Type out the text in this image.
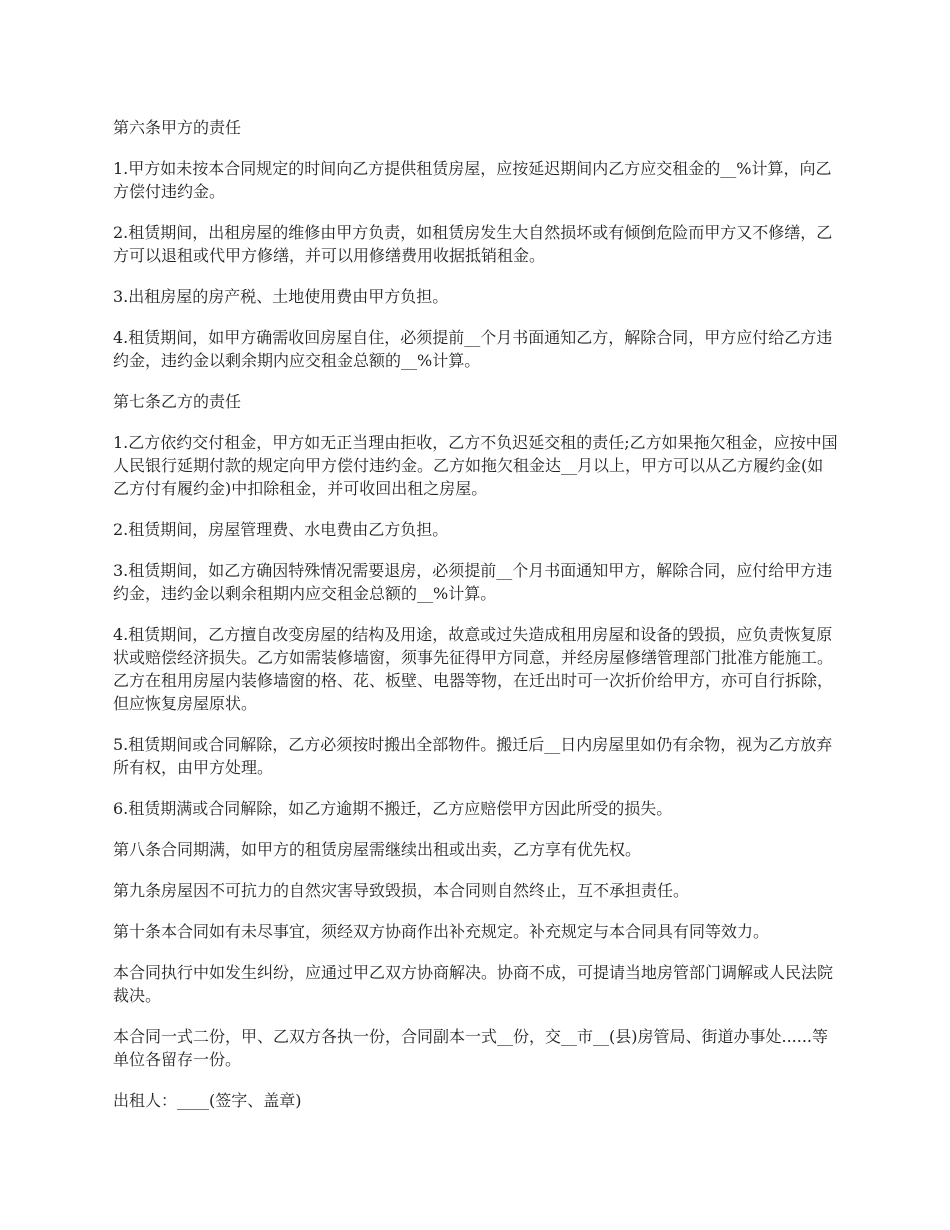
第六条甲方的责任

1.甲方如未按本合同规定的时间向乙方提供租赁房屋，应按延迟期间内乙方应交租金的__%计算，向乙方偿付违约金。

2.租赁期间，出租房屋的维修由甲方负责，如租赁房发生大自然损坏或有倾倒危险而甲方又不修缮，乙方可以退租或代甲方修缮，并可以用修缮费用收据抵销租金。

3.出租房屋的房产税、土地使用费由甲方负担。

4.租赁期间，如甲方确需收回房屋自住，必须提前__个月书面通知乙方，解除合同，甲方应付给乙方违约金，违约金以剩余期内应交租金总额的__%计算。

第七条乙方的责任

1.乙方依约交付租金，甲方如无正当理由拒收，乙方不负迟延交租的责任;乙方如果拖欠租金，应按中国人民银行延期付款的规定向甲方偿付违约金。乙方如拖欠租金达__月以上，甲方可以从乙方履约金(如乙方付有履约金)中扣除租金，并可收回出租之房屋。

2.租赁期间，房屋管理费、水电费由乙方负担。

3.租赁期间，如乙方确因特殊情况需要退房，必须提前__个月书面通知甲方，解除合同，应付给甲方违约金，违约金以剩余租期内应交租金总额的__%计算。

4.租赁期间，乙方擅自改变房屋的结构及用途，故意或过失造成租用房屋和设备的毁损，应负责恢复原状或赔偿经济损失。乙方如需装修墙窗，须事先征得甲方同意，并经房屋修缮管理部门批准方能施工。乙方在租用房屋内装修墙窗的格、花、板壁、电器等物，在迁出时可一次折价给甲方，亦可自行拆除，但应恢复房屋原状。

5.租赁期间或合同解除，乙方必须按时搬出全部物件。搬迁后__日内房屋里如仍有余物，视为乙方放弃所有权，由甲方处理。

6.租赁期满或合同解除，如乙方逾期不搬迁，乙方应赔偿甲方因此所受的损失。

第八条合同期满，如甲方的租赁房屋需继续出租或出卖，乙方享有优先权。

第九条房屋因不可抗力的自然灾害导致毁损，本合同则自然终止，互不承担责任。

第十条本合同如有未尽事宜，须经双方协商作出补充规定。补充规定与本合同具有同等效力。

本合同执行中如发生纠纷，应通过甲乙双方协商解决。协商不成，可提请当地房管部门调解或人民法院裁决。

本合同一式二份，甲、乙双方各执一份，合同副本一式__份，交__市__(县)房管局、街道办事处......等单位各留存一份。

出租人：____(签字、盖章)
